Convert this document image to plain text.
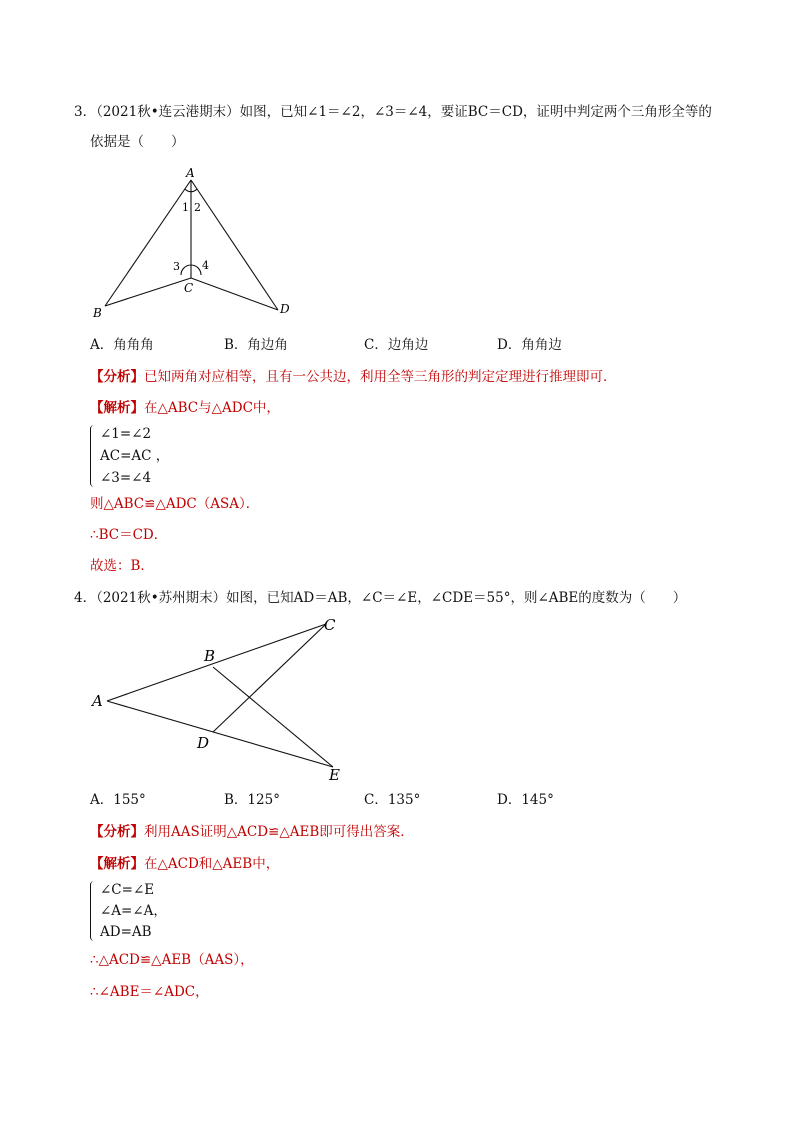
3．（2021秋•连云港期末）如图，已知∠1＝∠2，∠3＝∠4，要证BC＝CD，证明中判定两个三角形全等的
依据是（　　）
A
1 2
3 4
C
B	D
A．角角角	B．角边角	C．边角边	D．角角边
【分析】已知两角对应相等，且有一公共边，利用全等三角形的判定定理进行推理即可．
【解析】在△ABC与△ADC中，
∠1=∠2
AC=AC ，
∠3=∠4
则△ABC≌△ADC（ASA）．
∴BC＝CD．
故选：B．
4．（2021秋•苏州期末）如图，已知AD＝AB，∠C＝∠E，∠CDE＝55°，则∠ABE的度数为（　　）
A
B
C
D
E
A．155°	B．125°	C．135°	D．145°
【分析】利用AAS证明△ACD≌△AEB即可得出答案．
【解析】在△ACD和△AEB中，
∠C=∠E
∠A=∠A，
AD=AB
∴△ACD≌△AEB（AAS），
∴∠ABE＝∠ADC，
